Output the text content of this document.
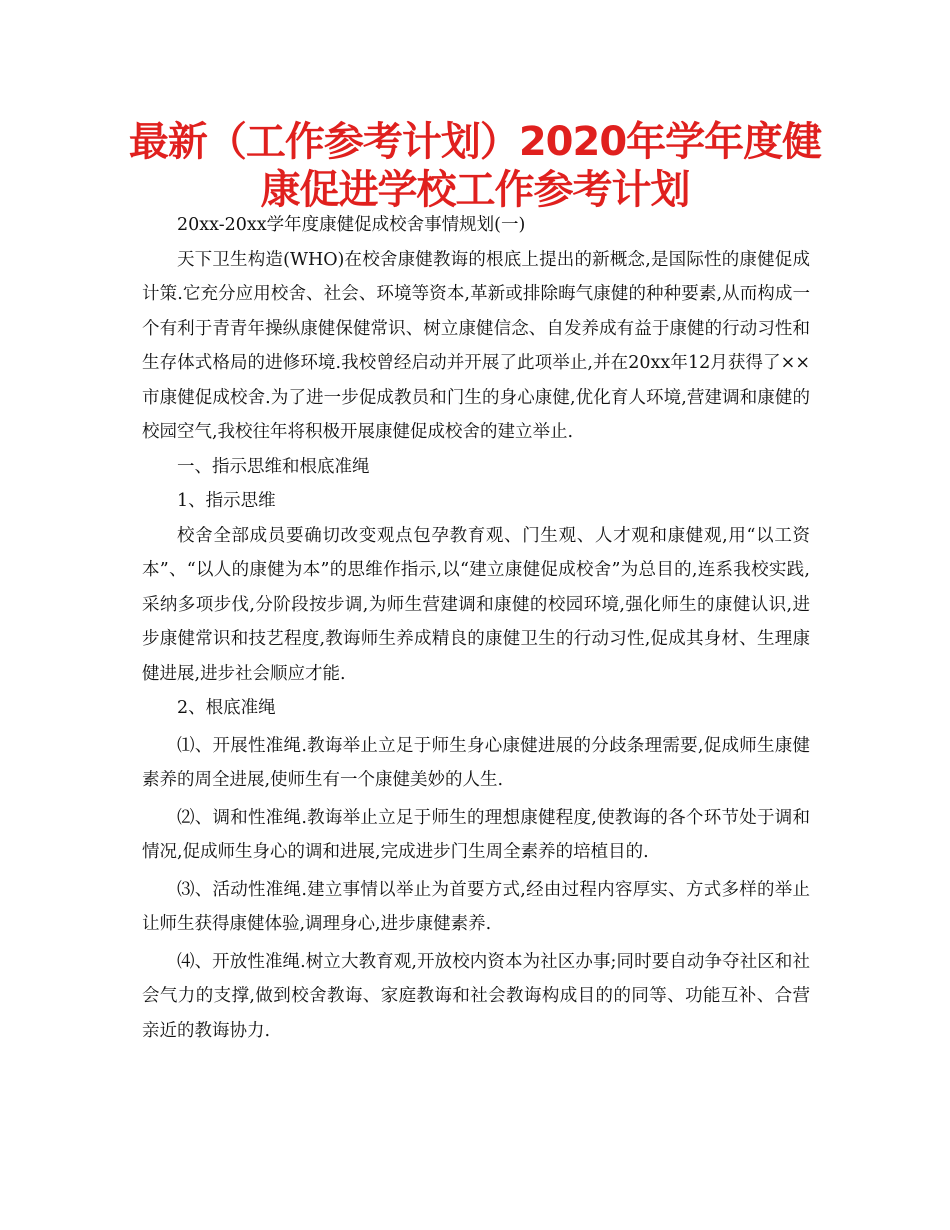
最新（工作参考计划）2020年学年度健康促进学校工作参考计划

20xx-20xx学年度康健促成校舍事情规划(一)

天下卫生构造(WHO)在校舍康健教诲的根底上提出的新概念,是国际性的康健促成计策.它充分应用校舍、社会、环境等资本,革新或排除晦气康健的种种要素,从而构成一个有利于青青年操纵康健保健常识、树立康健信念、自发养成有益于康健的行动习性和生存体式格局的进修环境.我校曾经启动并开展了此项举止,并在20xx年12月获得了××市康健促成校舍.为了进一步促成教员和门生的身心康健,优化育人环境,营建调和康健的校园空气,我校往年将积极开展康健促成校舍的建立举止.

一、指示思维和根底准绳

1、指示思维

校舍全部成员要确切改变观点包孕教育观、门生观、人才观和康健观,用“以工资本”、“以人的康健为本”的思维作指示,以“建立康健促成校舍”为总目的,连系我校实践,采纳多项步伐,分阶段按步调,为师生营建调和康健的校园环境,强化师生的康健认识,进步康健常识和技艺程度,教诲师生养成精良的康健卫生的行动习性,促成其身材、生理康健进展,进步社会顺应才能.

2、根底准绳

⑴、开展性准绳.教诲举止立足于师生身心康健进展的分歧条理需要,促成师生康健素养的周全进展,使师生有一个康健美妙的人生.

⑵、调和性准绳.教诲举止立足于师生的理想康健程度,使教诲的各个环节处于调和情况,促成师生身心的调和进展,完成进步门生周全素养的培植目的.

⑶、活动性准绳.建立事情以举止为首要方式,经由过程内容厚实、方式多样的举止让师生获得康健体验,调理身心,进步康健素养.

⑷、开放性准绳.树立大教育观,开放校内资本为社区办事;同时要自动争夺社区和社会气力的支撑,做到校舍教诲、家庭教诲和社会教诲构成目的的同等、功能互补、合营亲近的教诲协力.
